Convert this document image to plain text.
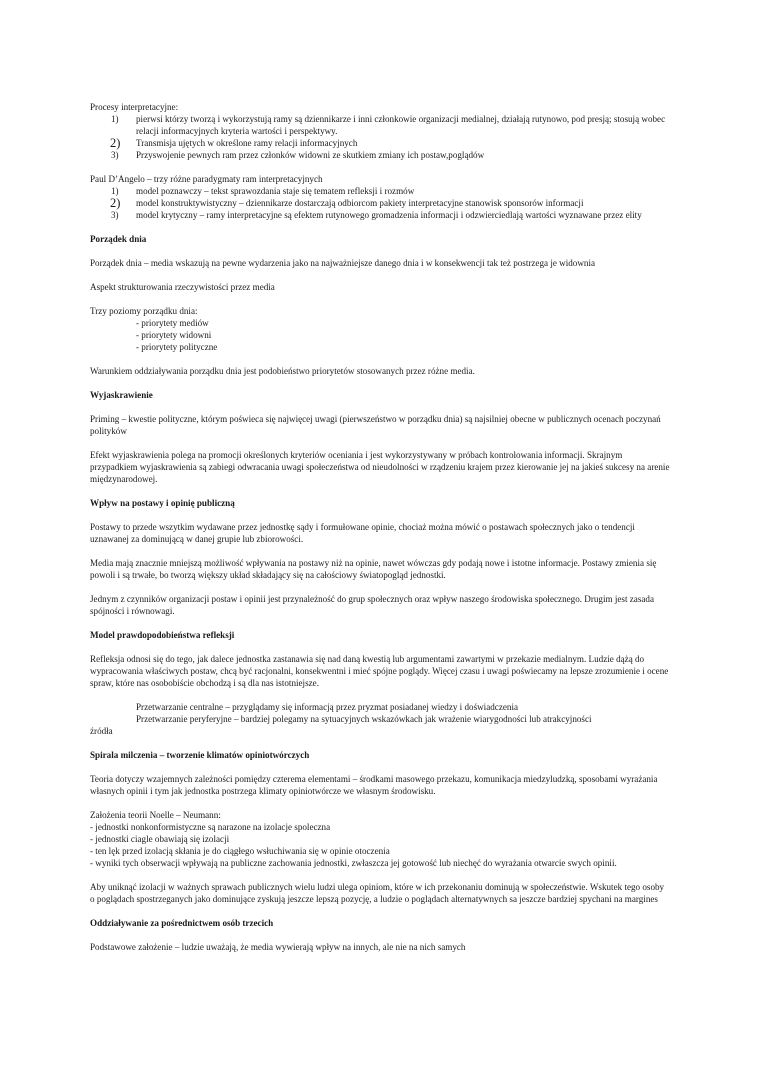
Procesy interpretacyjne:

1) pierwsi którzy tworzą i wykorzystują ramy są dziennikarze i inni członkowie organizacji medialnej, działają rutynowo, pod presją; stosują wobec relacji informacyjnych kryteria wartości i perspektywy.
2) Transmisja ujętych w określone ramy relacji informacyjnych
3) Przyswojenie pewnych ram przez członków widowni ze skutkiem zmiany ich postaw,poglądów

Paul D’Angelo – trzy różne paradygmaty ram interpretacyjnych

1) model poznawczy – tekst sprawozdania staje się tematem refleksji i rozmów
2) model konstruktywistyczny – dziennikarze dostarczają odbiorcom pakiety interpretacyjne stanowisk sponsorów informacji
3) model krytyczny – ramy interpretacyjne są efektem rutynowego gromadzenia informacji i odzwierciedlają wartości wyznawane przez elity

Porządek dnia

Porządek dnia – media wskazują na pewne wydarzenia jako na najważniejsze danego dnia i w konsekwencji tak też postrzega je widownia

Aspekt strukturowania rzeczywistości przez media

Trzy poziomy porządku dnia:

- priorytety mediów
- priorytety widowni
- priorytety polityczne

Warunkiem oddziaływania porządku dnia jest podobieństwo priorytetów stosowanych przez różne media.

Wyjaskrawienie

Priming – kwestie polityczne, którym poświeca się najwięcej uwagi (pierwszeństwo w porządku dnia) są najsilniej obecne w publicznych ocenach poczynań polityków

Efekt wyjaskrawienia polega na promocji określonych kryteriów oceniania i jest wykorzystywany w próbach kontrolowania informacji. Skrajnym przypadkiem wyjaskrawienia są zabiegi odwracania uwagi społeczeństwa od nieudolności w rządzeniu krajem przez kierowanie jej na jakieś sukcesy na arenie międzynarodowej.

Wpływ na postawy i opinię publiczną

Postawy to przede wszytkim wydawane przez jednostkę sądy i formułowane opinie, chociaż można mówić o postawach społecznych jako o tendencji uznawanej za dominującą w danej grupie lub zbiorowości.

Media mają znacznie mniejszą możliwość wpływania na postawy niż na opinie, nawet wówczas gdy podają nowe i istotne informacje. Postawy zmienia się powoli i są trwałe, bo tworzą większy układ składający się na całościowy światopogląd jednostki.

Jednym z czynników organizacji postaw i opinii jest przynależność do grup społecznych oraz wpływ naszego środowiska społecznego. Drugim jest zasada spójności i równowagi.

Model prawdopodobieństwa refleksji

Refleksja odnosi się do tego, jak dalece jednostka zastanawia się nad daną kwestią lub argumentami zawartymi w przekazie medialnym. Ludzie dążą do wypracowania właściwych postaw, chcą być racjonalni, konsekwentni i mieć spójne poglądy. Więcej czasu i uwagi poświecamy na lepsze zrozumienie i ocene spraw, które nas osobobiście obchodzą i są dla nas istotniejsze.

Przetwarzanie centralne – przyglądamy się informacją przez pryzmat posiadanej wiedzy i doświadczenia

Przetwarzanie peryferyjne – bardziej polegamy na sytuacyjnych wskazówkach jak wrażenie wiarygodności lub atrakcyjności

źródła

Spirala milczenia – tworzenie klimatów opiniotwórczych

Teoria dotyczy wzajemnych zależności pomiędzy czterema elementami – środkami masowego przekazu, komunikacja miedzyludzką, sposobami wyrażania własnych opinii i tym jak jednostka postrzega klimaty opiniotwórcze we własnym środowisku.

Założenia teorii Noelle – Neumann:

- jednostki nonkonformistyczne są narazone na izolacje spoleczna
- jednostki ciagle obawiają się izolacji
- ten lęk przed izolacją skłania je do ciągłego wsłuchiwania się w opinie otoczenia
- wyniki tych obserwacji wpływają na publiczne zachowania jednostki, zwłaszcza jej gotowość lub niechęć do wyrażania otwarcie swych opinii.

Aby uniknąć izolacji w ważnych sprawach publicznych wielu ludzi ulega opiniom, które w ich przekonaniu dominują w społeczeństwie. Wskutek tego osoby o poglądach spostrzeganych jako dominujące zyskują jeszcze lepszą pozycję, a ludzie o poglądach alternatywnych sa jeszcze bardziej spychani na margines

Oddziaływanie za pośrednictwem osób trzecich

Podstawowe założenie – ludzie uważają, że media wywierają wpływ na innych, ale nie na nich samych
